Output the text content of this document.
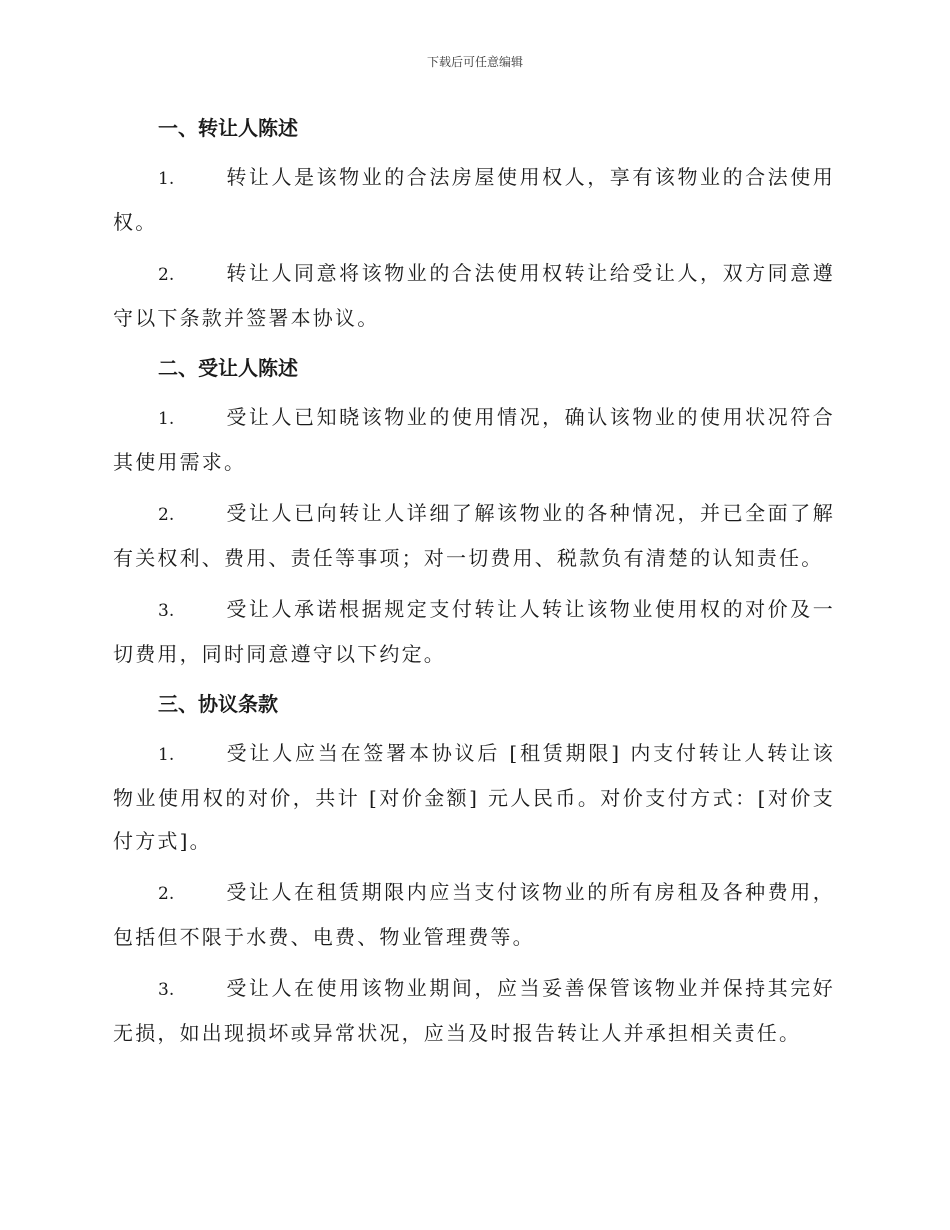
下载后可任意编辑
一、转让人陈述

1.	转让人是该物业的合法房屋使用权人，享有该物业的合法使用权。

2.	转让人同意将该物业的合法使用权转让给受让人，双方同意遵守以下条款并签署本协议。

二、受让人陈述

1.	受让人已知晓该物业的使用情况，确认该物业的使用状况符合其使用需求。

2.	受让人已向转让人详细了解该物业的各种情况，并已全面了解有关权利、费用、责任等事项；对一切费用、税款负有清楚的认知责任。

3.	受让人承诺根据规定支付转让人转让该物业使用权的对价及一切费用，同时同意遵守以下约定。

三、协议条款

1.	受让人应当在签署本协议后 [租赁期限] 内支付转让人转让该物业使用权的对价，共计 [对价金额] 元人民币。对价支付方式：[对价支付方式]。

2.	受让人在租赁期限内应当支付该物业的所有房租及各种费用，包括但不限于水费、电费、物业管理费等。

3.	受让人在使用该物业期间，应当妥善保管该物业并保持其完好无损，如出现损坏或异常状况，应当及时报告转让人并承担相关责任。
